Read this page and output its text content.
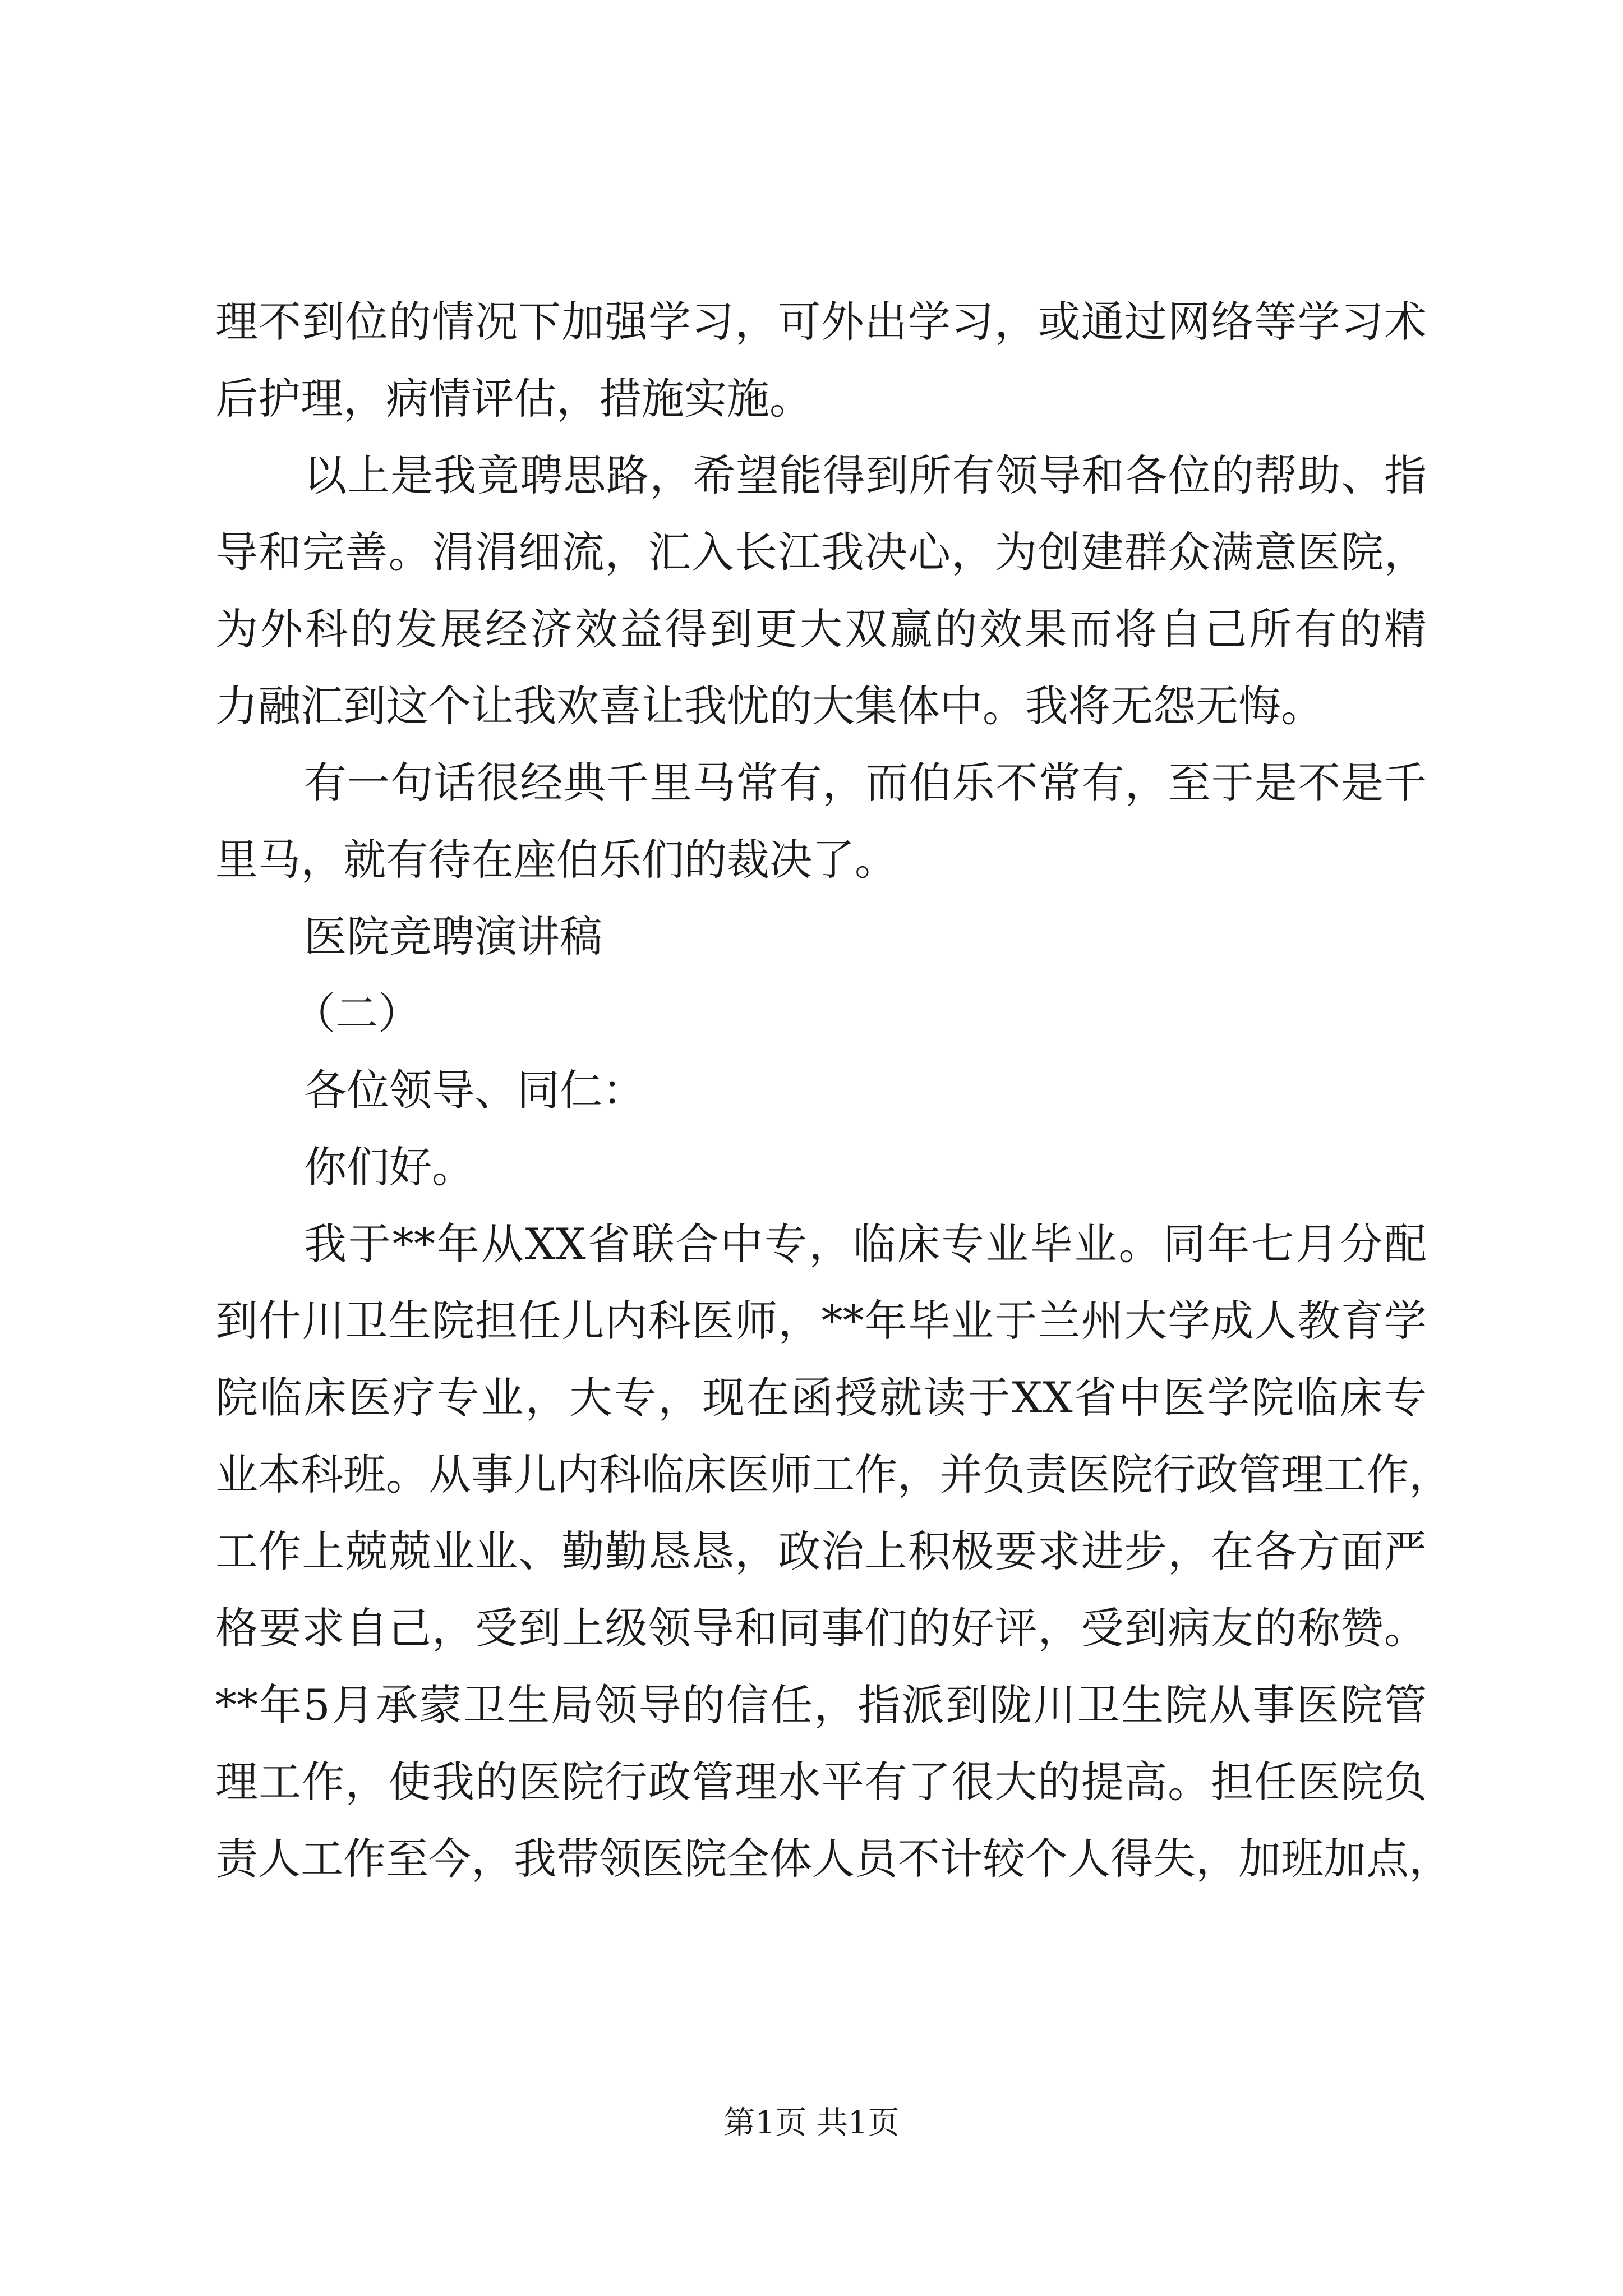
理不到位的情况下加强学习，可外出学习，或通过网络等学习术
后护理，病情评估，措施实施。
以上是我竟聘思路，希望能得到所有领导和各位的帮助、指
导和完善。涓涓细流，汇入长江我决心，为创建群众满意医院，
为外科的发展经济效益得到更大双赢的效果而将自己所有的精
力融汇到这个让我欢喜让我忧的大集体中。我将无怨无悔。
有一句话很经典千里马常有，而伯乐不常有，至于是不是千
里马，就有待在座伯乐们的裁决了。
医院竞聘演讲稿
（二）
各位领导、同仁：
你们好。
我于**年从XX省联合中专，临床专业毕业。同年七月分配
到什川卫生院担任儿内科医师，**年毕业于兰州大学成人教育学
院临床医疗专业，大专，现在函授就读于XX省中医学院临床专
业本科班。从事儿内科临床医师工作，并负责医院行政管理工作，
工作上兢兢业业、勤勤恳恳，政治上积极要求进步，在各方面严
格要求自己，受到上级领导和同事们的好评，受到病友的称赞。
**年5月承蒙卫生局领导的信任，指派到陇川卫生院从事医院管
理工作，使我的医院行政管理水平有了很大的提高。担任医院负
责人工作至今，我带领医院全体人员不计较个人得失，加班加点，
第1页 共1页
